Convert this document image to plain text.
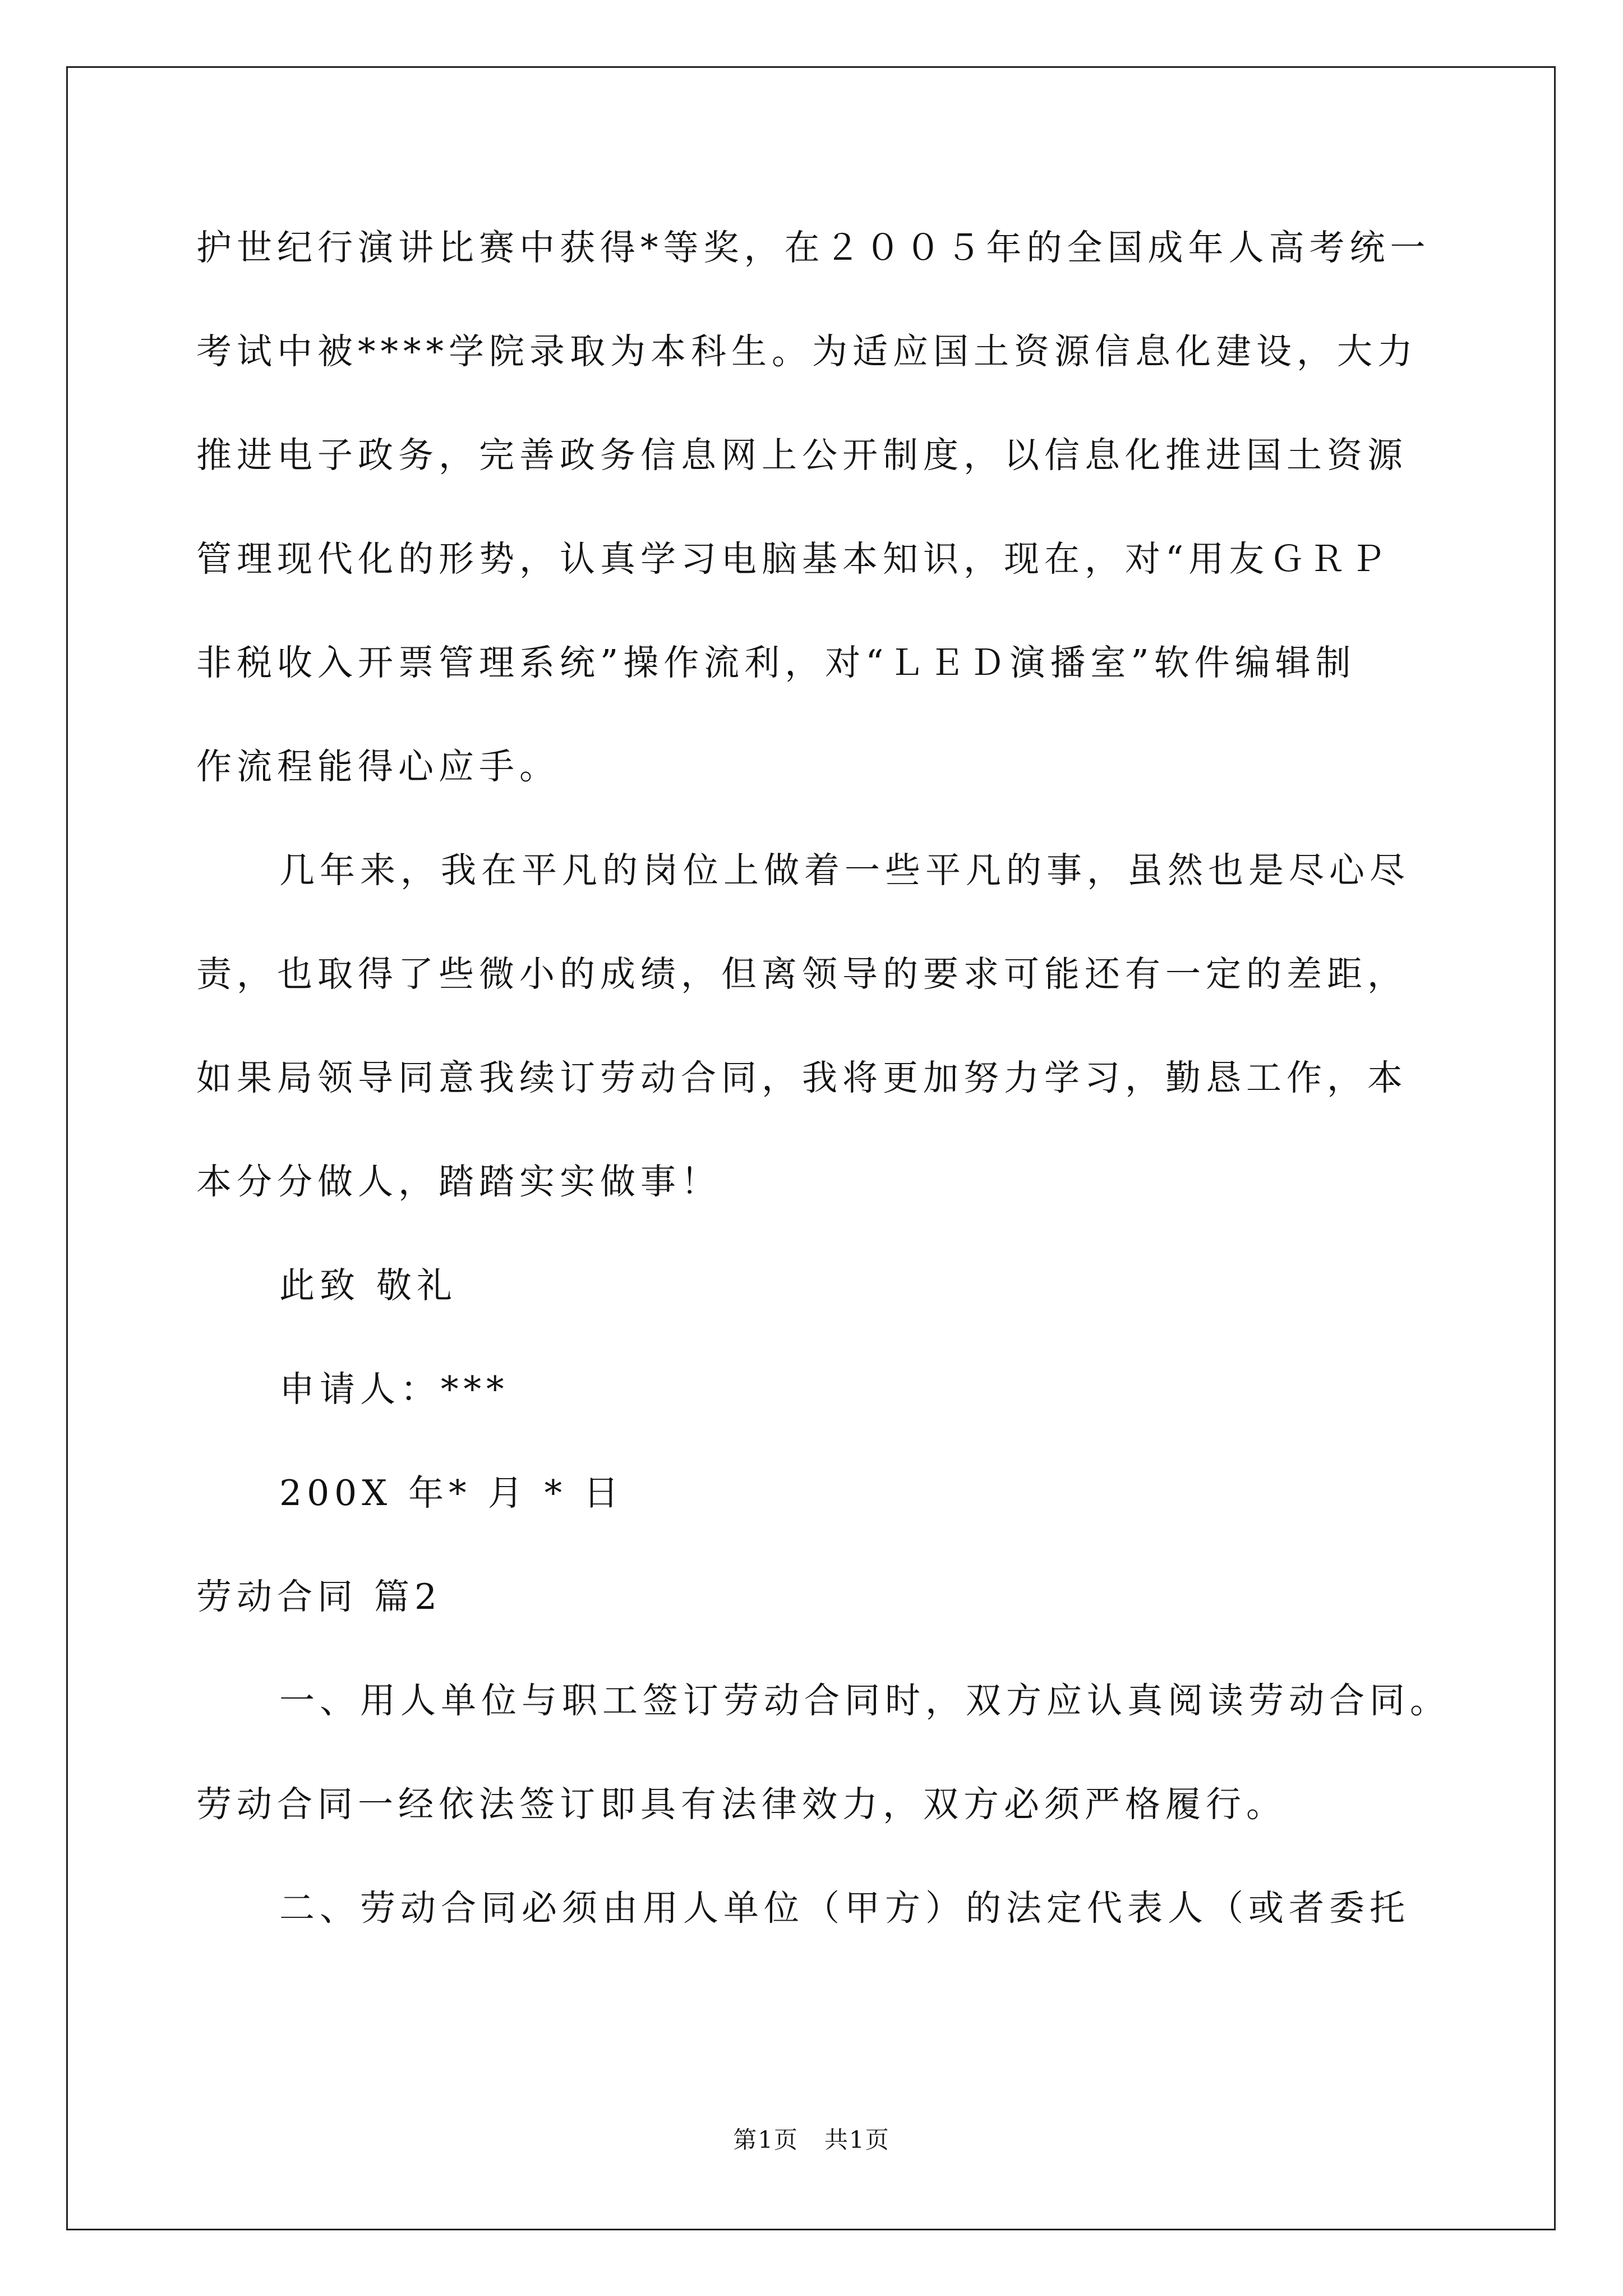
护世纪行演讲比赛中获得*等奖，在２００５年的全国成年人高考统一
考试中被****学院录取为本科生。为适应国土资源信息化建设，大力
推进电子政务，完善政务信息网上公开制度，以信息化推进国土资源
管理现代化的形势，认真学习电脑基本知识，现在，对“用友ＧＲＰ
非税收入开票管理系统”操作流利，对“ＬＥＤ演播室”软件编辑制
作流程能得心应手。
几年来，我在平凡的岗位上做着一些平凡的事，虽然也是尽心尽
责，也取得了些微小的成绩，但离领导的要求可能还有一定的差距，
如果局领导同意我续订劳动合同，我将更加努力学习，勤恳工作，本
本分分做人，踏踏实实做事！
此致 敬礼
申请人：***
200X 年* 月 * 日
劳动合同 篇2
一、用人单位与职工签订劳动合同时，双方应认真阅读劳动合同。
劳动合同一经依法签订即具有法律效力，双方必须严格履行。
二、劳动合同必须由用人单位（甲方）的法定代表人（或者委托
第1页   共1页
